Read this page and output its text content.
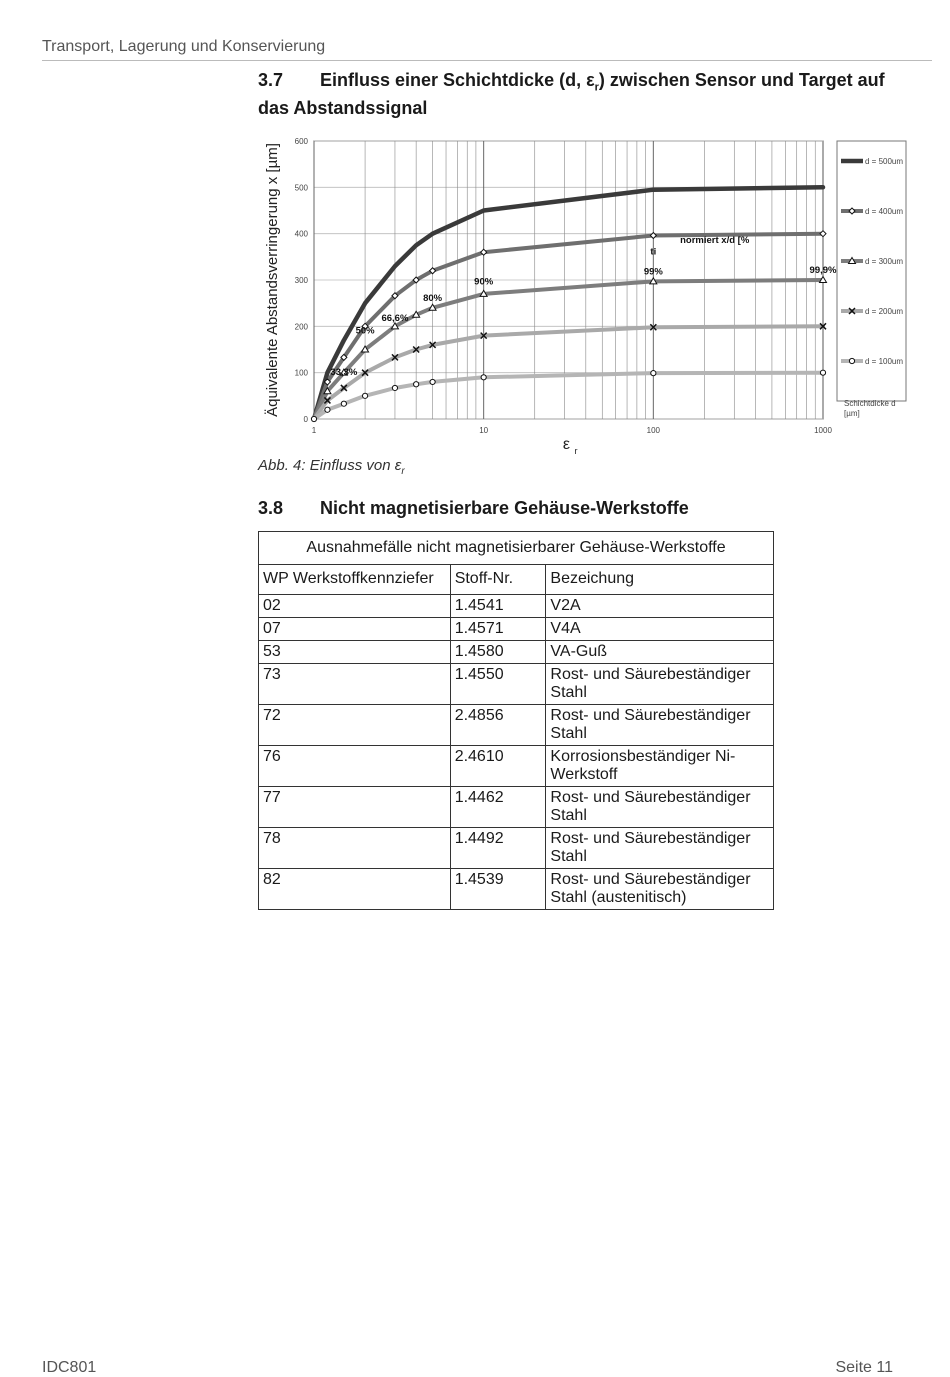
Transport, Lagerung und Konservierung
3.7 Einfluss einer Schichtdicke (d, $\varepsilon_r$) zwischen Sensor und Target auf das Abstandssignal
0
100
200
300
400
500
600
1	10	100	1000
Äquivalente Abstandsverringerung x [µm]
ε r
33,3%
50%
66,6%
80%
90%
99%	99,9%
normiert x/d [%
ti
d = 500um
d = 400um
d = 300um
d = 200um
d = 100um
Schichtdicke d [µm]
Abb. 4: Einfluss von $\varepsilon_r$
3.8 Nicht magnetisierbare Gehäuse-Werkstoffe
Ausnahmefälle nicht magnetisierbarer Gehäuse-Werkstoffe		
WP Werkstoffkennziefer	Stoff-Nr.	Bezeichung
02	1.4541	V2A
07	1.4571	V4A
53	1.4580	VA-Guß
73	1.4550	Rost- und Säurebeständiger Stahl
72	2.4856	Rost- und Säurebeständiger Stahl
76	2.4610	Korrosionsbeständiger Ni-Werkstoff
77	1.4462	Rost- und Säurebeständiger Stahl
78	1.4492	Rost- und Säurebeständiger Stahl
82	1.4539	Rost- und Säurebeständiger Stahl (austenitisch)
IDC801	Seite 11
